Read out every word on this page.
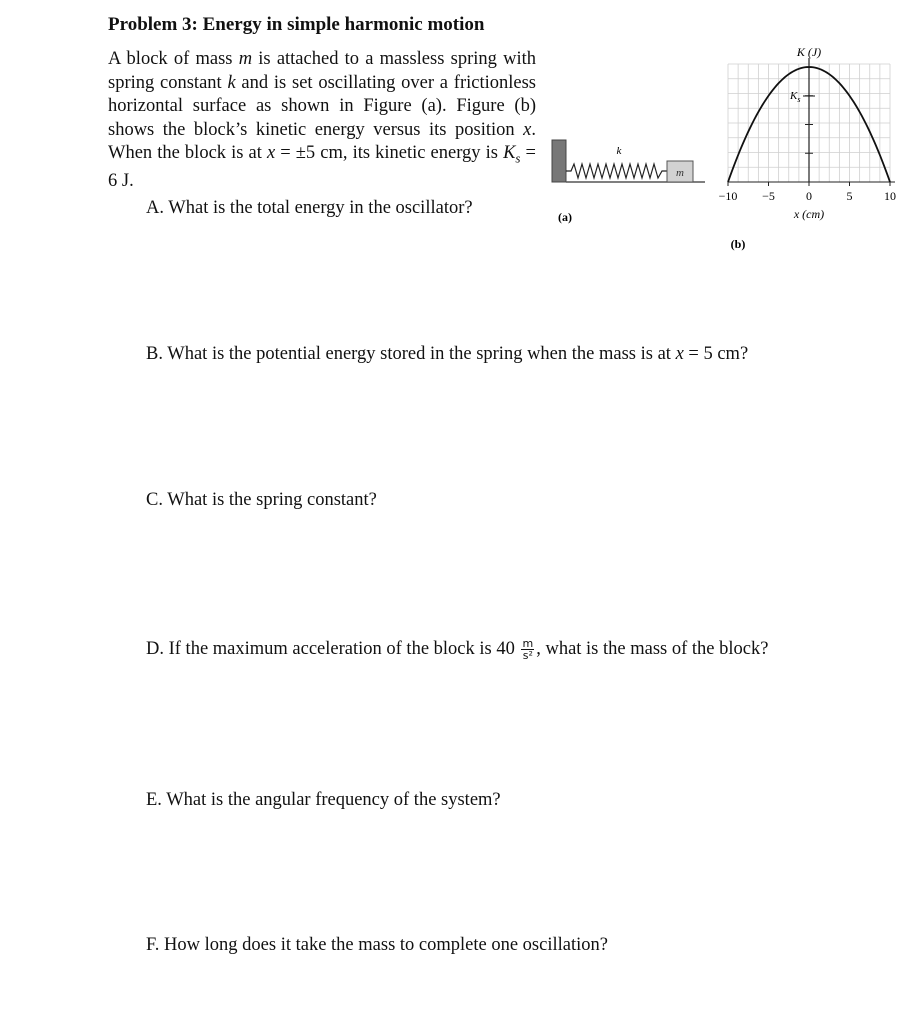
Problem 3: Energy in simple harmonic motion
A block of mass m is attached to a massless spring with spring constant k and is set oscillating over a frictionless horizontal surface as shown in Figure (a). Figure (b) shows the block’s kinetic energy versus its position x. When the block is at x = ±5 cm, its kinetic energy is $K_s = 6$ J.
A. What is the total energy in the oscillator?
B. What is the potential energy stored in the spring when the mass is at x = 5 cm?
C. What is the spring constant?
D. If the maximum acceleration of the block is $40 \frac{m}{\text{s²}}$ , what is the mass of the block?
E. What is the angular frequency of the system?
F. How long does it take the mass to complete one oscillation?
k
m
(a)
−10 −5	0	5	10
K (J)
$K_s$
x (cm)
(b)
